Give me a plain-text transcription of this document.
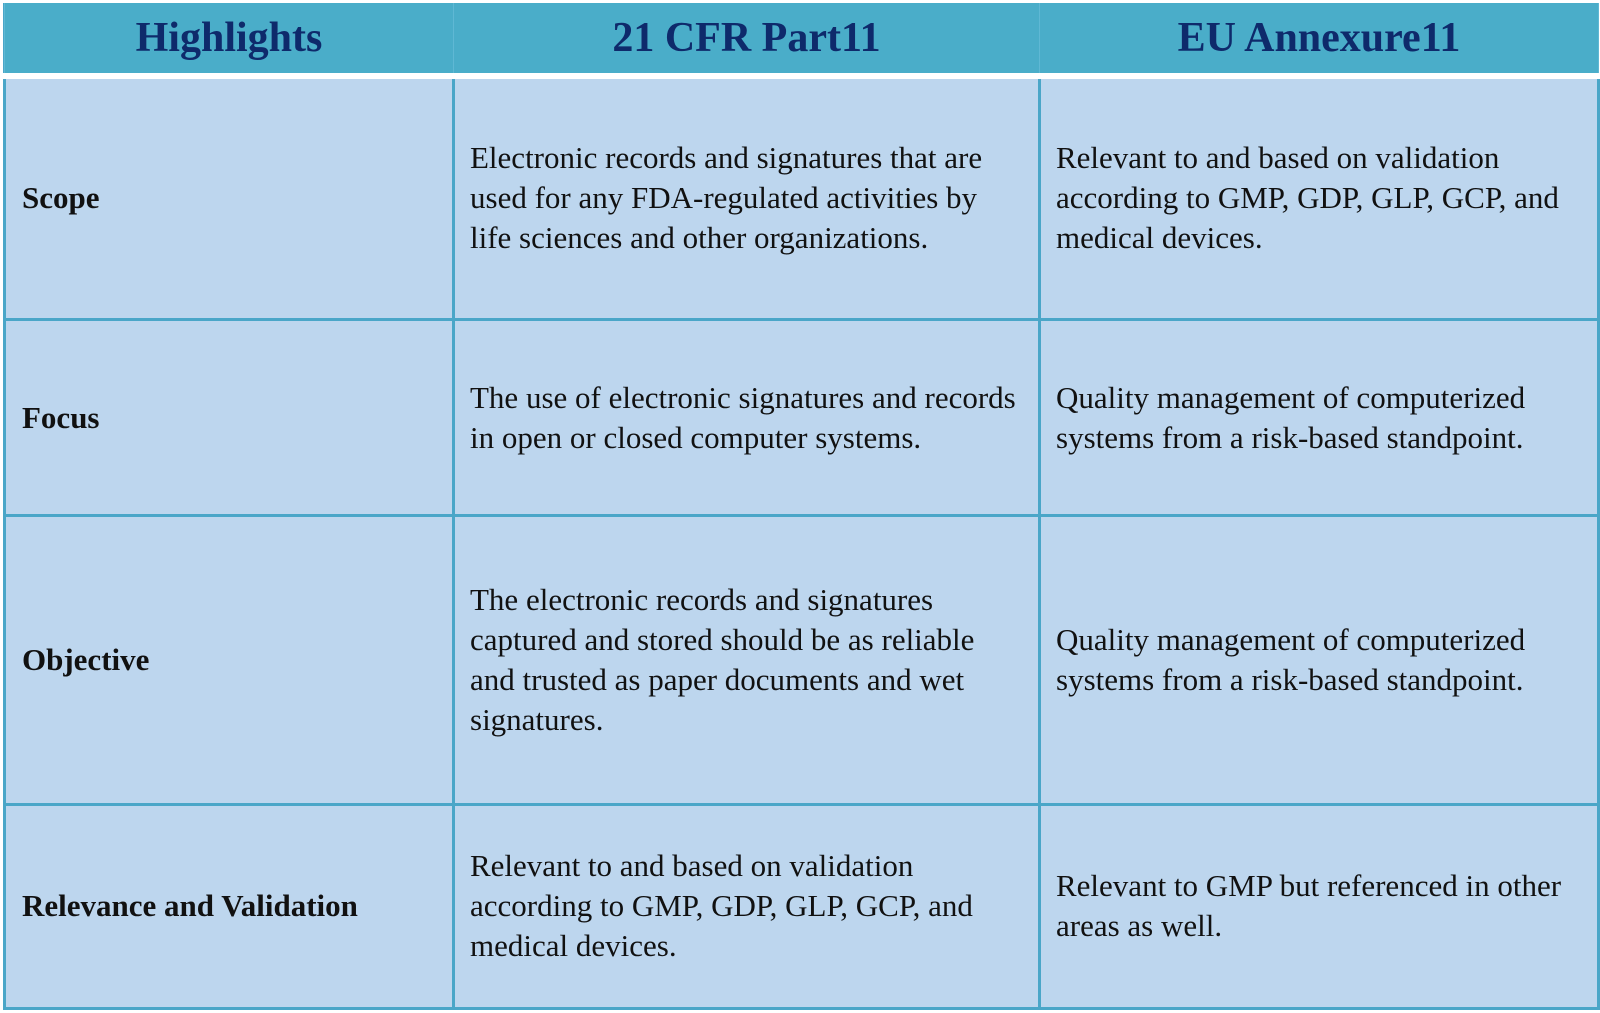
Highlights	21 CFR Part11	EU Annexure11
Scope	Electronic records and signatures that are used for any FDA-regulated activities by life sciences and other organizations.	Relevant to and based on validation according to GMP, GDP, GLP, GCP, and medical devices.
Focus	The use of electronic signatures and records in open or closed computer systems.	Quality management of computerized systems from a risk-based standpoint.
Objective	The electronic records and signatures captured and stored should be as reliable and trusted as paper documents and wet signatures.	Quality management of computerized systems from a risk-based standpoint.
Relevance and Validation	Relevant to and based on validation according to GMP, GDP, GLP, GCP, and medical devices.	Relevant to GMP but referenced in other areas as well.
